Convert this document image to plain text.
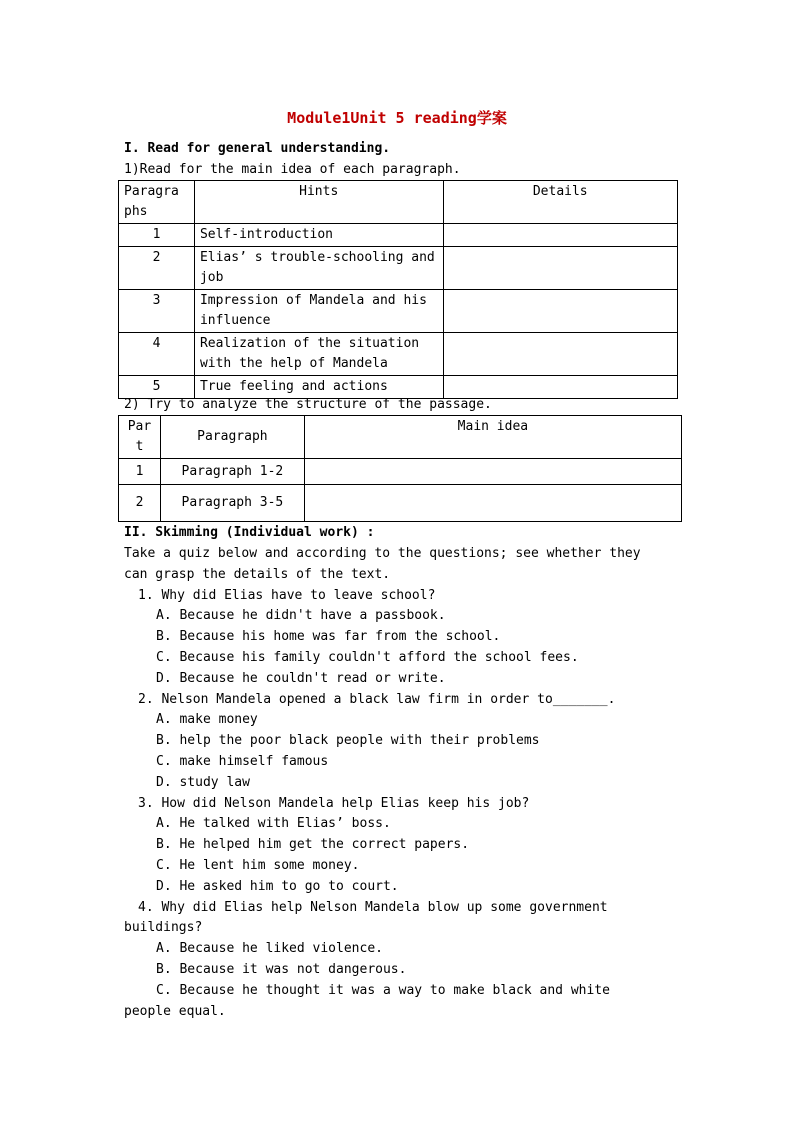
Module1Unit 5 reading学案
I. Read for general understanding.
1)Read for the main idea of each paragraph.
Paragra phs	Hints	Details
1	Self-introduction	
2	Elias’ s trouble-schooling and job	
3	Impression of Mandela and his influence	
4	Realization of the situation with the help of Mandela	
5	True feeling and actions	
2) Try to analyze the structure of the passage.
Par t	Paragraph	Main idea
1	Paragraph 1-2	
2	Paragraph 3-5	
II. Skimming (Individual work) :
Take a quiz below and according to the questions; see whether they
can grasp the details of the text.
1. Why did Elias have to leave school?
A. Because he didn't have a passbook.
B. Because his home was far from the school.
C. Because his family couldn't afford the school fees.
D. Because he couldn't read or write.
2. Nelson Mandela opened a black law firm in order to_______.
A. make money
B. help the poor black people with their problems
C. make himself famous
D. study law
3. How did Nelson Mandela help Elias keep his job?
A. He talked with Elias’ boss.
B. He helped him get the correct papers.
C. He lent him some money.
D. He asked him to go to court.
4. Why did Elias help Nelson Mandela blow up some government
buildings?
A. Because he liked violence.
B. Because it was not dangerous.
C. Because he thought it was a way to make black and white
people equal.
